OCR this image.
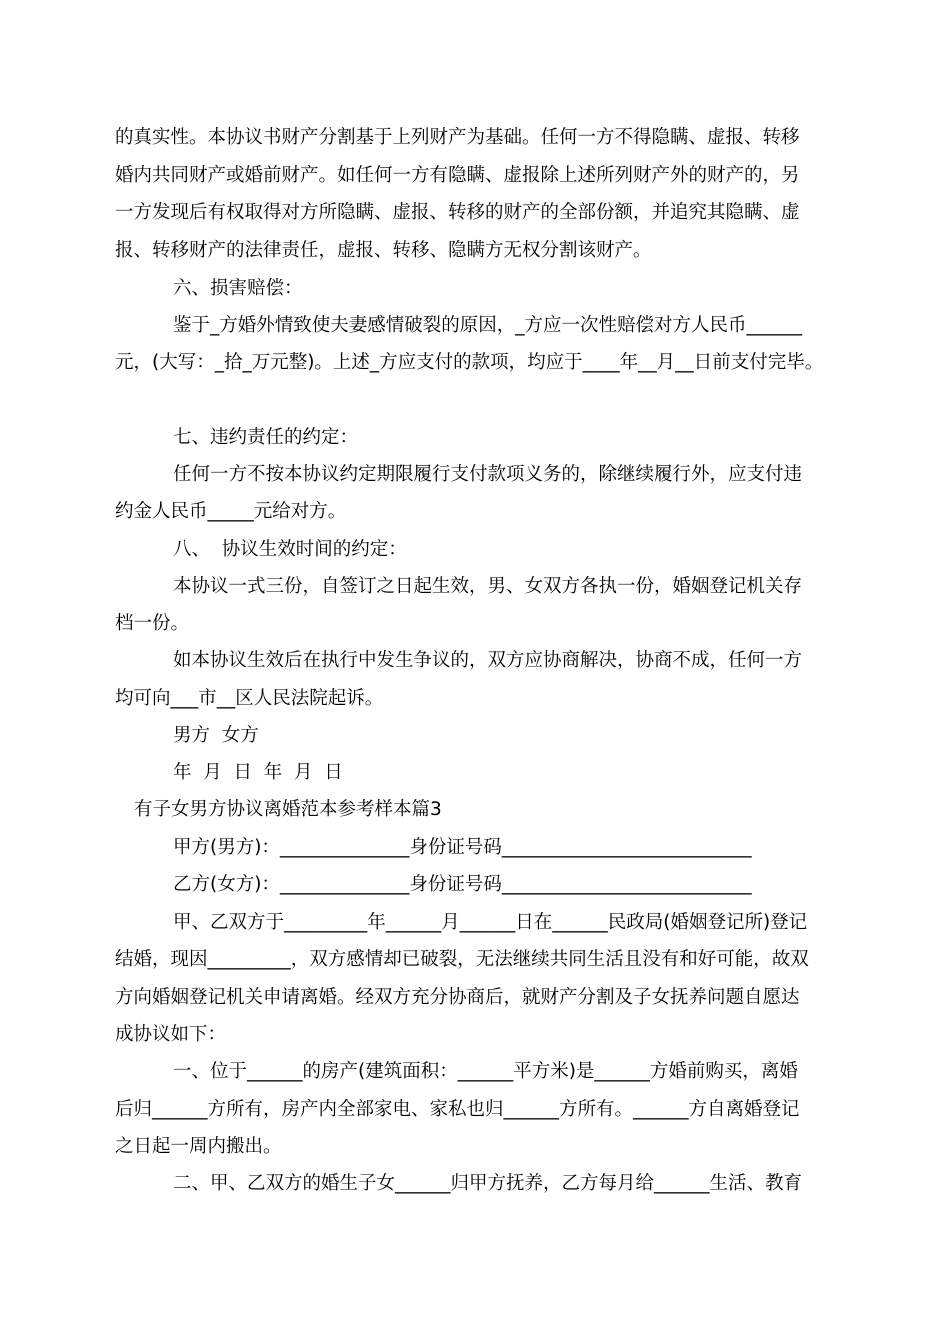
的真实性。本协议书财产分割基于上列财产为基础。任何一方不得隐瞒、虚报、转移
婚内共同财产或婚前财产。如任何一方有隐瞒、虚报除上述所列财产外的财产的，另
一方发现后有权取得对方所隐瞒、虚报、转移的财产的全部份额，并追究其隐瞒、虚
报、转移财产的法律责任，虚报、转移、隐瞒方无权分割该财产。
六、损害赔偿：
鉴于_方婚外情致使夫妻感情破裂的原因，_方应一次性赔偿对方人民币______
元，(大写：_拾_万元整)。上述_方应支付的款项，均应于____年__月__日前支付完毕。
七、违约责任的约定：
任何一方不按本协议约定期限履行支付款项义务的，除继续履行外，应支付违
约金人民币_____元给对方。
八、  协议生效时间的约定：
本协议一式三份，自签订之日起生效，男、女双方各执一份，婚姻登记机关存
档一份。
如本协议生效后在执行中发生争议的，双方应协商解决，协商不成，任何一方
均可向___市__区人民法院起诉。
男方  女方
年  月  日  年  月  日
有子女男方协议离婚范本参考样本篇3
甲方(男方)：______________身份证号码___________________________
乙方(女方)：______________身份证号码___________________________
甲、乙双方于_________年______月______日在______民政局(婚姻登记所)登记
结婚，现因_________，双方感情却已破裂，无法继续共同生活且没有和好可能，故双
方向婚姻登记机关申请离婚。经双方充分协商后，就财产分割及子女抚养问题自愿达
成协议如下：
一、位于______的房产(建筑面积：______平方米)是______方婚前购买，离婚
后归______方所有，房产内全部家电、家私也归______方所有。______方自离婚登记
之日起一周内搬出。
二、甲、乙双方的婚生子女______归甲方抚养，乙方每月给______生活、教育
